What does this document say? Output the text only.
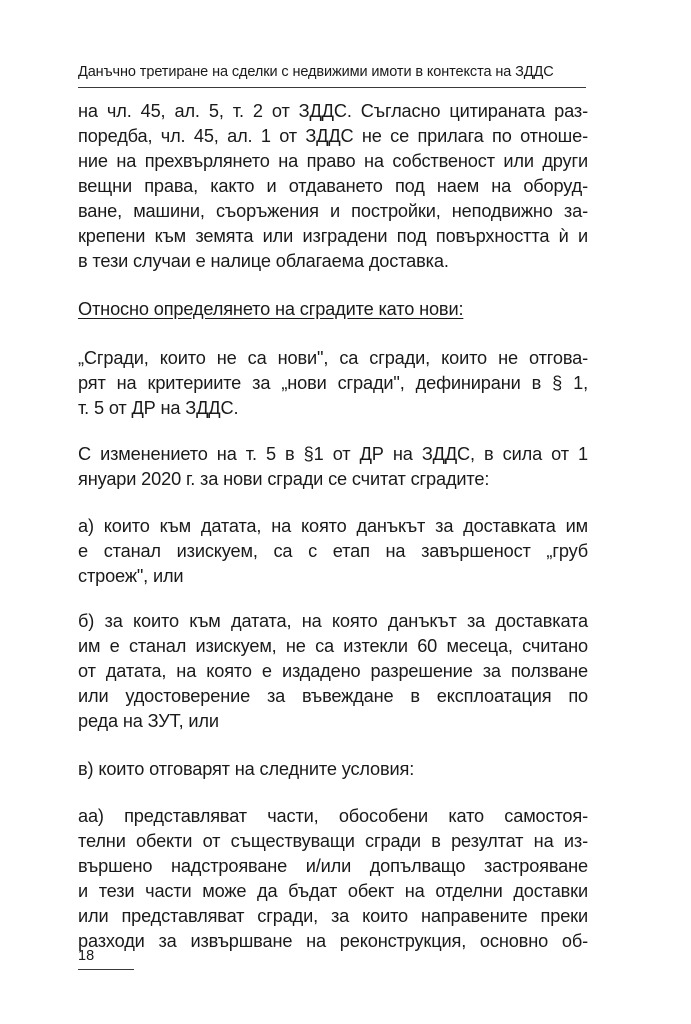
Данъчно третиране на сделки с недвижими имоти в контекста на ЗДДС
на чл. 45, ал. 5, т. 2 от ЗДДС. Съгласно цитираната раз-
поредба, чл. 45, ал. 1 от ЗДДС не се прилага по отноше-
ние на прехвърлянето на право на собственост или други
вещни права, както и отдаването под наем на оборуд-
ване, машини, съоръжения и постройки, неподвижно за-
крепени към земята или изградени под повърхността ѝ и
в тези случаи е налице облагаема доставка.
Относно определянето на сградите като нови:
„Сгради, които не са нови", са сгради, които не отгова-
рят на критериите за „нови сгради", дефинирани в § 1,
т. 5 от ДР на ЗДДС.
С изменението на т. 5 в §1 от ДР на ЗДДС, в сила от 1
януари 2020 г. за нови сгради се считат сградите:
а) които към датата, на която данъкът за доставката им
е станал изискуем, са с етап на завършеност „груб
строеж", или
б) за които към датата, на която данъкът за доставката
им е станал изискуем, не са изтекли 60 месеца, считано
от датата, на която е издадено разрешение за ползване
или удостоверение за въвеждане в експлоатация по
реда на ЗУТ, или
в) които отговарят на следните условия:
аа) представляват части, обособени като самостоя-
телни обекти от съществуващи сгради в резултат на из-
вършено надстрояване и/или допълващо застрояване
и тези части може да бъдат обект на отделни доставки
или представляват сгради, за които направените преки
разходи за извършване на реконструкция, основно об-
18
